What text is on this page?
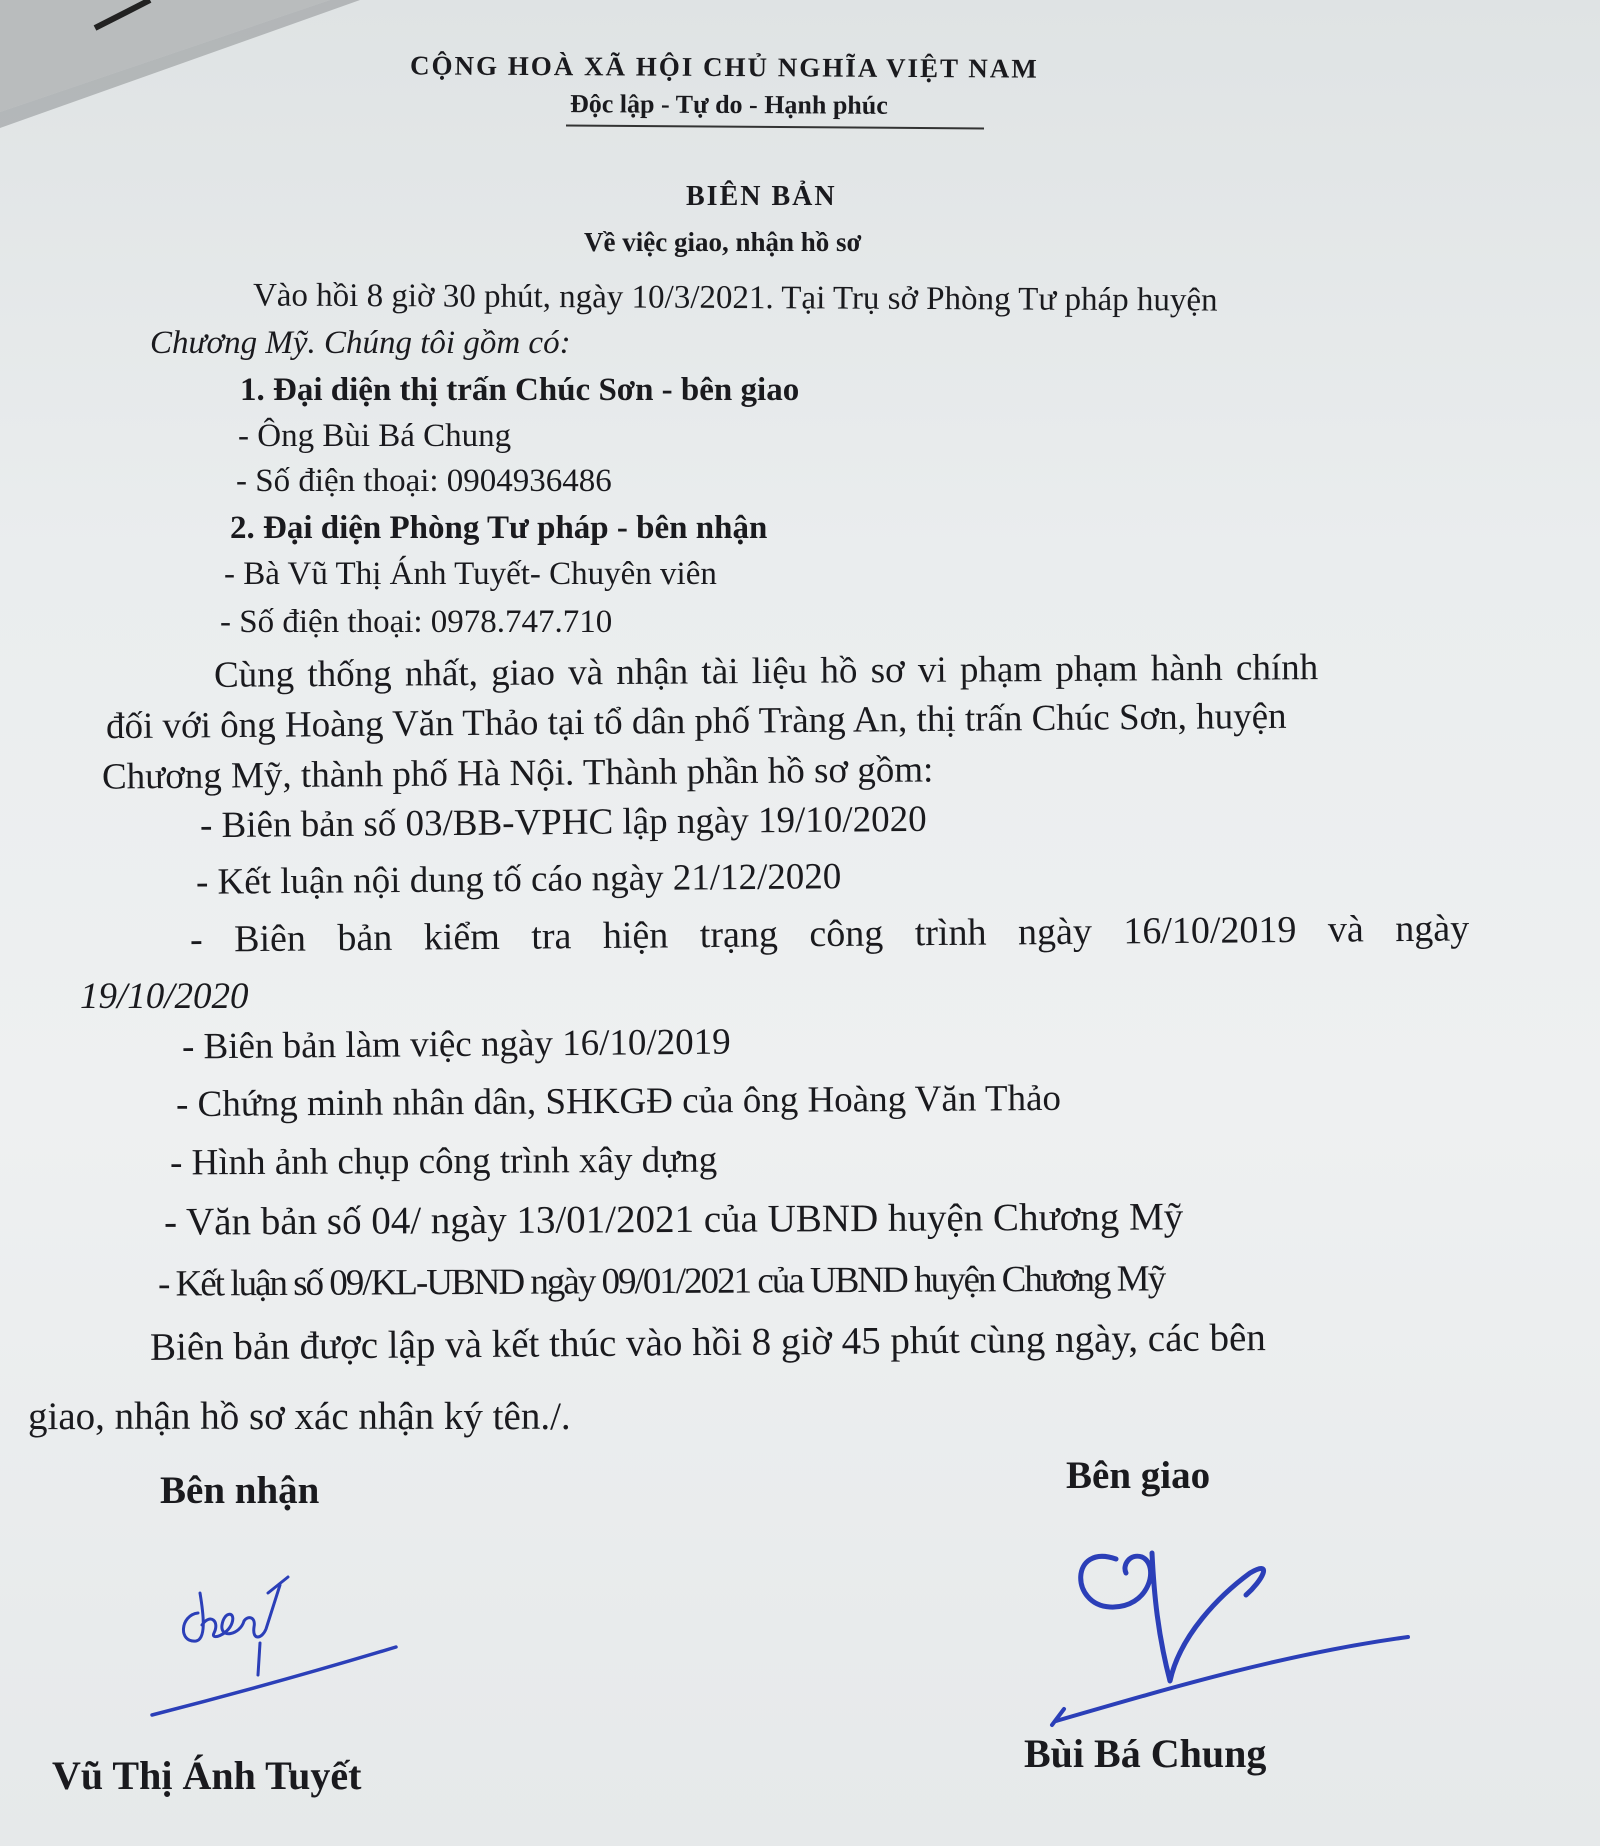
CỘNG HOÀ XÃ HỘI CHỦ NGHĨA VIỆT NAM
Độc lập - Tự do - Hạnh phúc
BIÊN BẢN
Về việc giao, nhận hồ sơ
Vào hồi 8 giờ 30 phút, ngày 10/3/2021. Tại Trụ sở Phòng Tư pháp huyện
Chương Mỹ. Chúng tôi gồm có:
1. Đại diện thị trấn Chúc Sơn - bên giao
- Ông Bùi Bá Chung
- Số điện thoại: 0904936486
2. Đại diện Phòng Tư pháp - bên nhận
- Bà Vũ Thị Ánh Tuyết- Chuyên viên
- Số điện thoại: 0978.747.710
Cùng thống nhất, giao và nhận tài liệu hồ sơ vi phạm phạm hành chính
đối với ông Hoàng Văn Thảo tại tổ dân phố Tràng An, thị trấn Chúc Sơn, huyện
Chương Mỹ, thành phố Hà Nội. Thành phần hồ sơ gồm:
- Biên bản số 03/BB-VPHC lập ngày 19/10/2020
- Kết luận nội dung tố cáo ngày 21/12/2020
- Biên bản kiểm tra hiện trạng công trình ngày 16/10/2019 và ngày
19/10/2020
- Biên bản làm việc ngày 16/10/2019
- Chứng minh nhân dân, SHKGĐ của ông Hoàng Văn Thảo
- Hình ảnh chụp công trình xây dựng
- Văn bản số 04/ ngày 13/01/2021 của UBND huyện Chương Mỹ
- Kết luận số 09/KL-UBND ngày 09/01/2021 của UBND huyện Chương Mỹ
Biên bản được lập và kết thúc vào hồi 8 giờ 45 phút cùng ngày, các bên
giao, nhận hồ sơ xác nhận ký tên./.
Bên nhận
Vũ Thị Ánh Tuyết
Bên giao
Bùi Bá Chung
